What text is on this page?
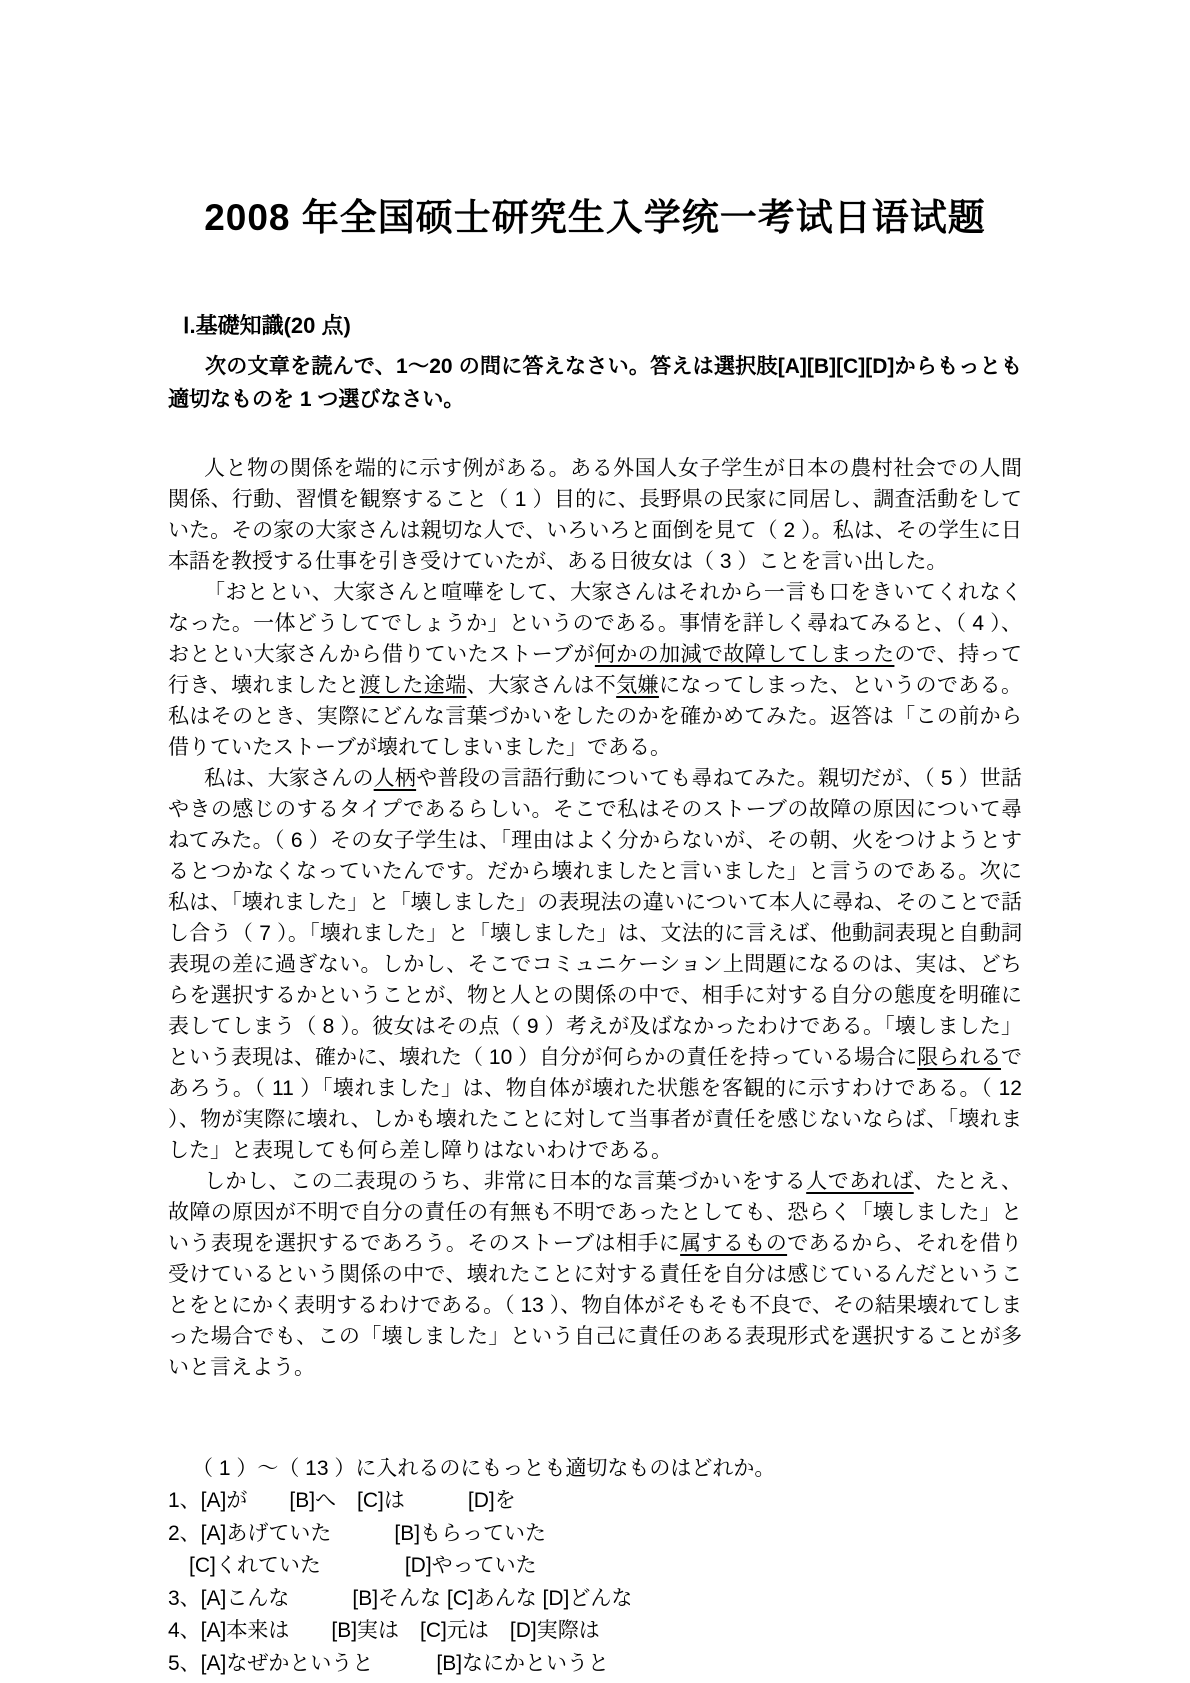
2008 年全国硕士研究生入学统一考试日语试题
Ⅰ.基礎知識(20 点)

次の文章を読んで、1～20 の問に答えなさい。答えは選択肢[A][B][C][D]からもっとも適切なものを 1 つ選びなさい。

人と物の関係を端的に示す例がある。ある外国人女子学生が日本の農村社会での人間関係、行動、習慣を観察すること（ 1 ）目的に、長野県の民家に同居し、調査活動をしていた。その家の大家さんは親切な人で、いろいろと面倒を見て（ 2 ）。私は、その学生に日本語を教授する仕事を引き受けていたが、ある日彼女は（ 3 ）ことを言い出した。

「おととい、大家さんと喧嘩をして、大家さんはそれから一言も口をきいてくれなくなった。一体どうしてでしょうか」というのである。事情を詳しく尋ねてみると、（ 4 ）、おととい大家さんから借りていたストーブが何かの加減で故障してしまったので、持って行き、壊れましたと渡した途端、大家さんは不気嫌になってしまった、というのである。私はそのとき、実際にどんな言葉づかいをしたのかを確かめてみた。返答は「この前から借りていたストーブが壊れてしまいました」である。

私は、大家さんの人柄や普段の言語行動についても尋ねてみた。親切だが、（ 5 ）世話やきの感じのするタイプであるらしい。そこで私はそのストーブの故障の原因について尋ねてみた。（ 6 ）その女子学生は、「理由はよく分からないが、その朝、火をつけようとするとつかなくなっていたんです。だから壊れましたと言いました」と言うのである。次に私は、「壊れました」と「壊しました」の表現法の違いについて本人に尋ね、そのことで話し合う（ 7 ）。「壊れました」と「壊しました」は、文法的に言えば、他動詞表現と自動詞表現の差に過ぎない。しかし、そこでコミュニケーション上問題になるのは、実は、どちらを選択するかということが、物と人との関係の中で、相手に対する自分の態度を明確に表してしまう（ 8 ）。彼女はその点（ 9 ）考えが及ばなかったわけである。「壊しました」という表現は、確かに、壊れた（ 10 ）自分が何らかの責任を持っている場合に限られるであろう。（ 11 ）「壊れました」は、物自体が壊れた状態を客観的に示すわけである。（ 12 ）、物が実際に壊れ、しかも壊れたことに対して当事者が責任を感じないならば、「壊れました」と表現しても何ら差し障りはないわけである。

しかし、この二表現のうち、非常に日本的な言葉づかいをする人であれば、たとえ、故障の原因が不明で自分の責任の有無も不明であったとしても、恐らく「壊しました」という表現を選択するであろう。そのストーブは相手に属するものであるから、それを借り受けているという関係の中で、壊れたことに対する責任を自分は感じているんだということをとにかく表明するわけである。（ 13 ）、物自体がそもそも不良で、その結果壊れてしまった場合でも、この「壊しました」という自己に責任のある表現形式を選択することが多いと言えよう。

（ 1 ）～（ 13 ）に入れるのにもっとも適切なものはどれか。

1、[A]が　　[B]へ　[C]は　　　[D]を

2、[A]あげていた　　　[B]もらっていた

　[C]くれていた　　　　[D]やっていた

3、[A]こんな　　　[B]そんな [C]あんな [D]どんな

4、[A]本来は　　[B]実は　[C]元は　[D]実際は

5、[A]なぜかというと　　　[B]なにかというと
